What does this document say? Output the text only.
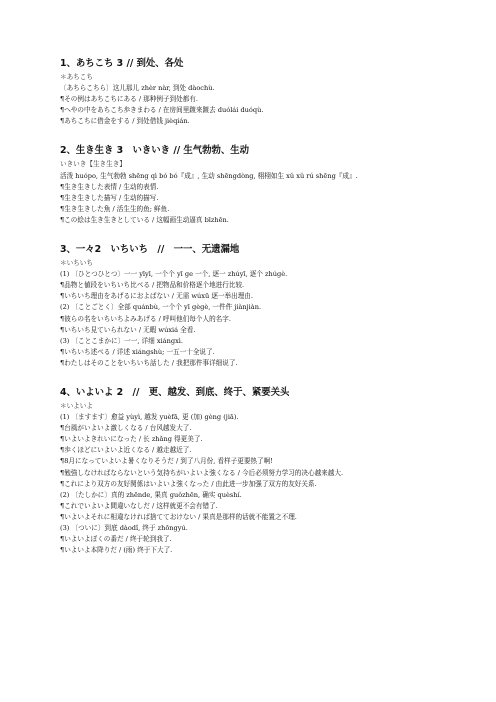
1、あちこち 3 // 到处、各处
＊あちこち
〔あちらこちら〕这儿那儿 zhèr nàr, 到处 dàochù.
¶その例はあちこちにある / 那种例子到处都有.
¶へやの中をあちこち歩きまわる / 在房间里踱来踱去 duólái duóqù.
¶あちこちに借金をする / 到处借钱 jièqián.
2、生き生き 3　いきいき // 生气勃勃、生动
いきいき【生き生き】
活泼 huópo, 生气勃勃 shēng qì bó bó『成』, 生动 shēngdòng, 栩栩如生 xǔ xǔ rú shēng『成』.
¶生き生きした表情 / 生动的表情.
¶生き生きした描写 / 生动的描写.
¶生き生きした魚 / 活生生的鱼; 鲜鱼.
¶この絵は生き生きとしている / 这幅画生动逼真 bīzhēn.
3、一々2　いちいち　//　一一、无遗漏地
＊いちいち
(1) 〔ひとつひとつ〕一一 yīyī, 一个个 yī ge 一个, 逐一 zhúyī, 逐个 zhúgè.
¶品物と値段をいちいち比べる / 把物品和价格逐个地进行比较.
¶いちいち理由をあげるにおよばない / 无需 wúxū 逐一举出理由.
(2) 〔ことごとく〕全部 quánbù, 一个个 yī gègè, 一件件 jiànjiàn.
¶彼らの名をいちいちよみあげる / 呼叫他们每个人的名字.
¶いちいち見ていられない / 无暇 wúxiá 全看.
(3) 〔ことこまかに〕一一, 详细 xiángxì.
¶いちいち述べる / 详述 xiángshù; 一五一十全说了.
¶わたしはそのことをいちいち話した / 我把那件事详细说了.
4、いよいよ 2　//　更、越发、到底、终于、紧要关头
＊いよいよ
(1) 〔ますます〕愈益 yùyì, 越发 yuèfā, 更 (加) gèng (jiā).
¶台風がいよいよ激しくなる / 台风越发大了.
¶いよいよきれいになった / 长 zhǎng 得更美了.
¶歩くほどにいよいよ近くなる / 越走越近了.
¶8月になっていよいよ暑くなりそうだ / 到了八月份, 看样子更要热了啊!
¶勉強しなければならないという気持ちがいよいよ強くなる / 今后必须努力学习的决心越来越大.
¶これにより双方の友好関係はいよいよ強くなった / 由此进一步加强了双方的友好关系.
(2) 〔たしかに〕真的 zhēnde, 果真 guǒzhēn, 确实 quèshí.
¶これでいよいよ間違いなしだ / 这样就更不会有错了.
¶いよいよそれに相違なければ捨てておけない / 果真是那样的话就不能置之不理.
(3) 〔ついに〕到底 dàodǐ, 终于 zhōngyú.
¶いよいよぼくの番だ / 终于轮到我了.
¶いよいよ本降りだ / (雨) 终于下大了.
